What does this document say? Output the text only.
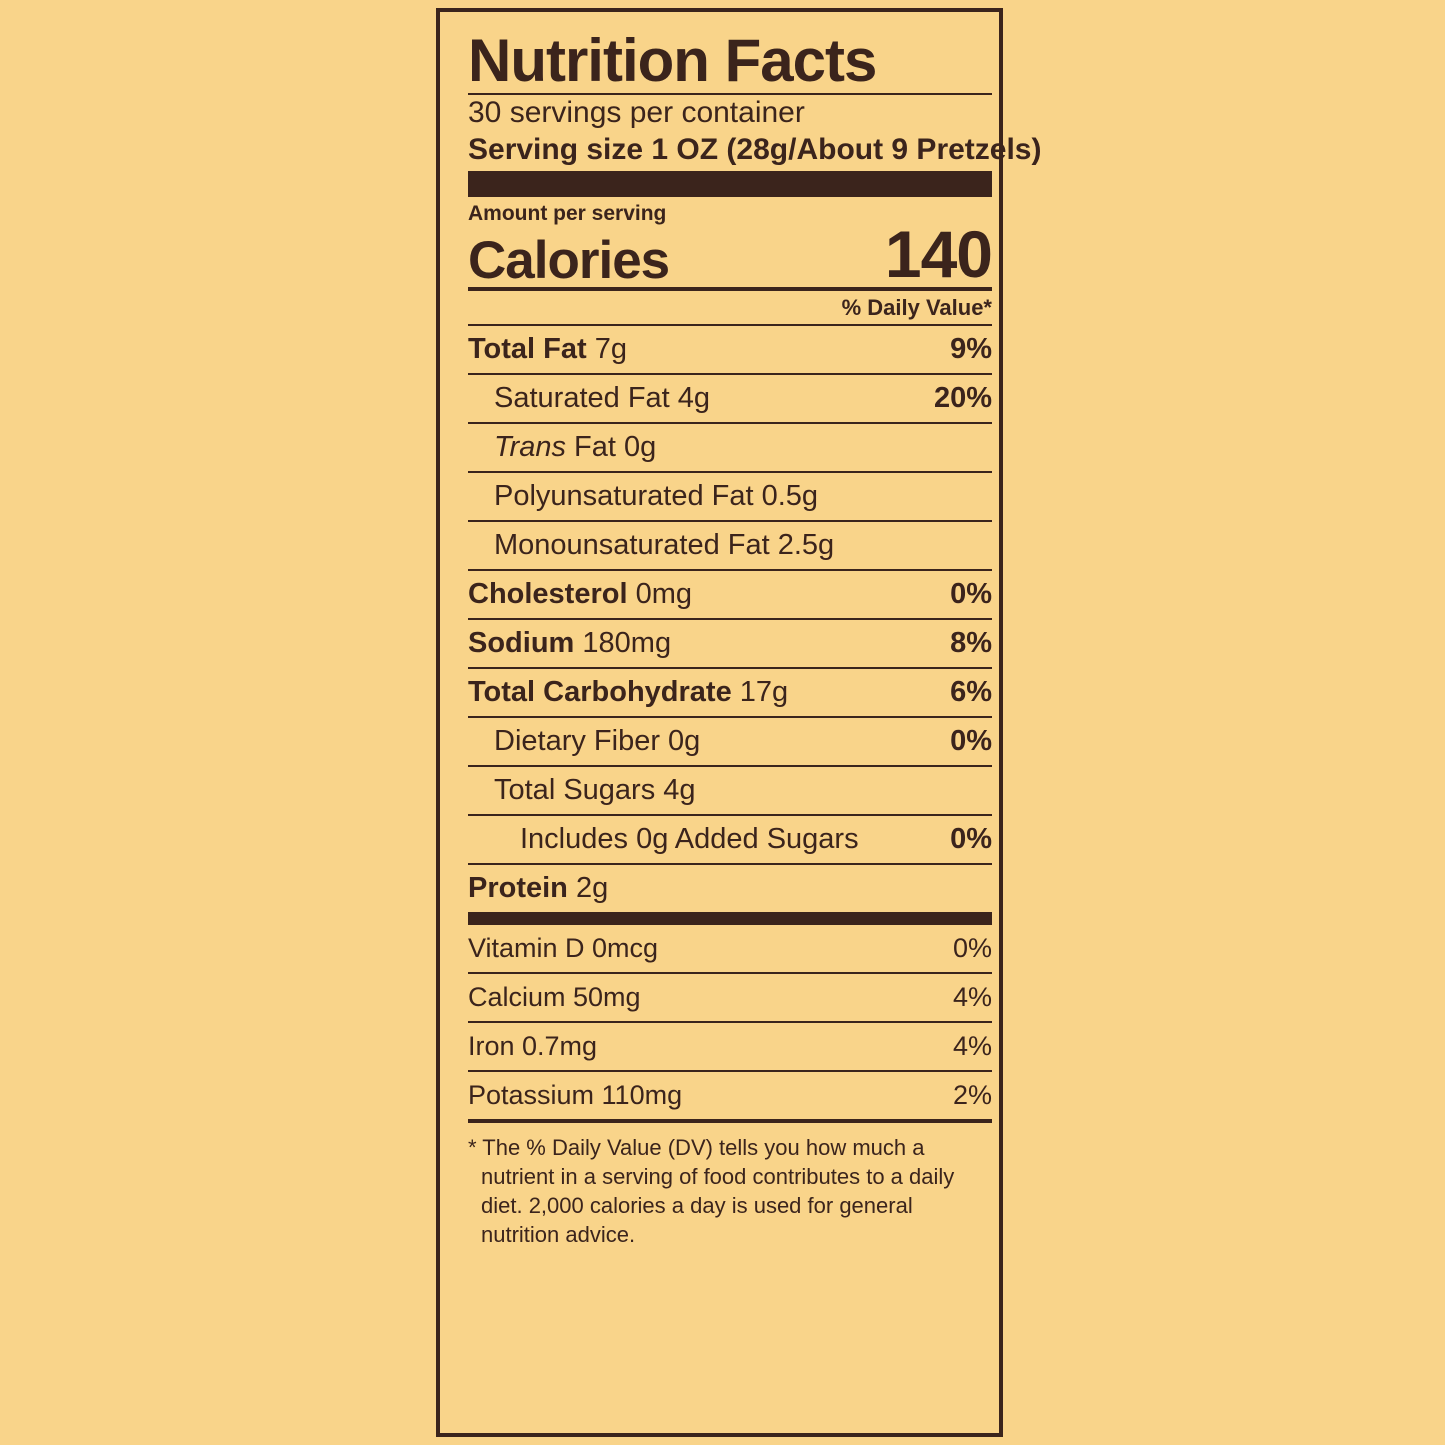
Nutrition Facts
30 servings per container
Serving size 1 OZ (28g/About 9 Pretzels)
Amount per serving
Calories	140
% Daily Value*
Total Fat 7g	9%
Saturated Fat 4g	20%
Trans Fat 0g
Polyunsaturated Fat 0.5g
Monounsaturated Fat 2.5g
Cholesterol 0mg	0%
Sodium 180mg	8%
Total Carbohydrate 17g	6%
Dietary Fiber 0g	0%
Total Sugars 4g
Includes 0g Added Sugars	0%
Protein 2g
Vitamin D 0mcg	0%
Calcium 50mg	4%
Iron 0.7mg	4%
Potassium 110mg	2%
* The % Daily Value (DV) tells you how much a nutrient in a serving of food contributes to a daily diet. 2,000 calories a day is used for general nutrition advice.
